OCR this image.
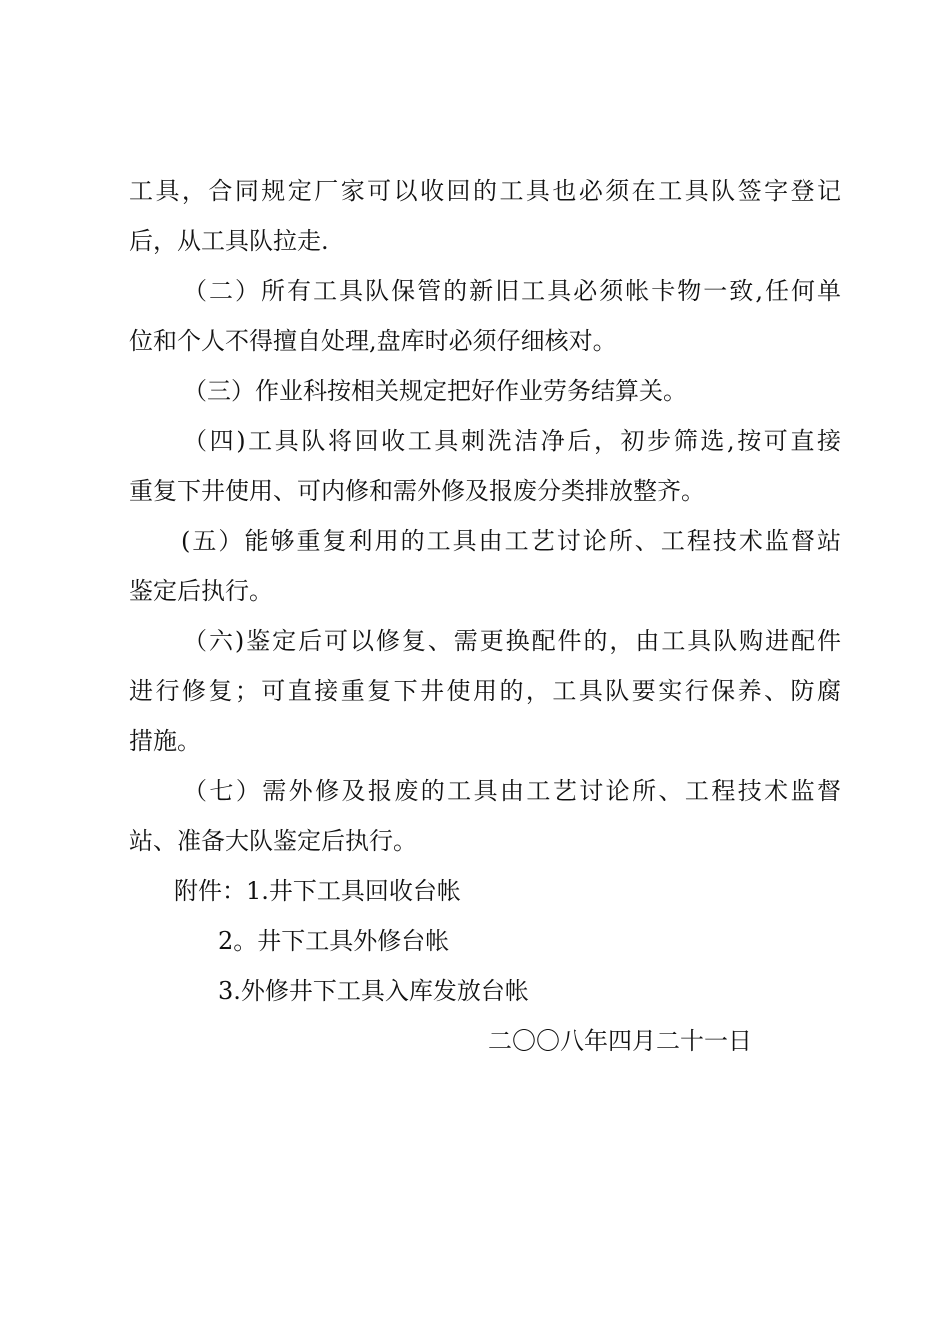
工具，合同规定厂家可以收回的工具也必须在工具队签字登记
后，从工具队拉走.
（二）所有工具队保管的新旧工具必须帐卡物一致,任何单
位和个人不得擅自处理,盘库时必须仔细核对。
（三）作业科按相关规定把好作业劳务结算关。
（四)工具队将回收工具刺洗洁净后，初步筛选,按可直接
重复下井使用、可内修和需外修及报废分类排放整齐。
(五）能够重复利用的工具由工艺讨论所、工程技术监督站
鉴定后执行。
（六)鉴定后可以修复、需更换配件的，由工具队购进配件
进行修复；可直接重复下井使用的，工具队要实行保养、防腐
措施。
（七）需外修及报废的工具由工艺讨论所、工程技术监督
站、准备大队鉴定后执行。
附件：1.井下工具回收台帐
2。井下工具外修台帐
3.外修井下工具入库发放台帐
二〇〇八年四月二十一日
